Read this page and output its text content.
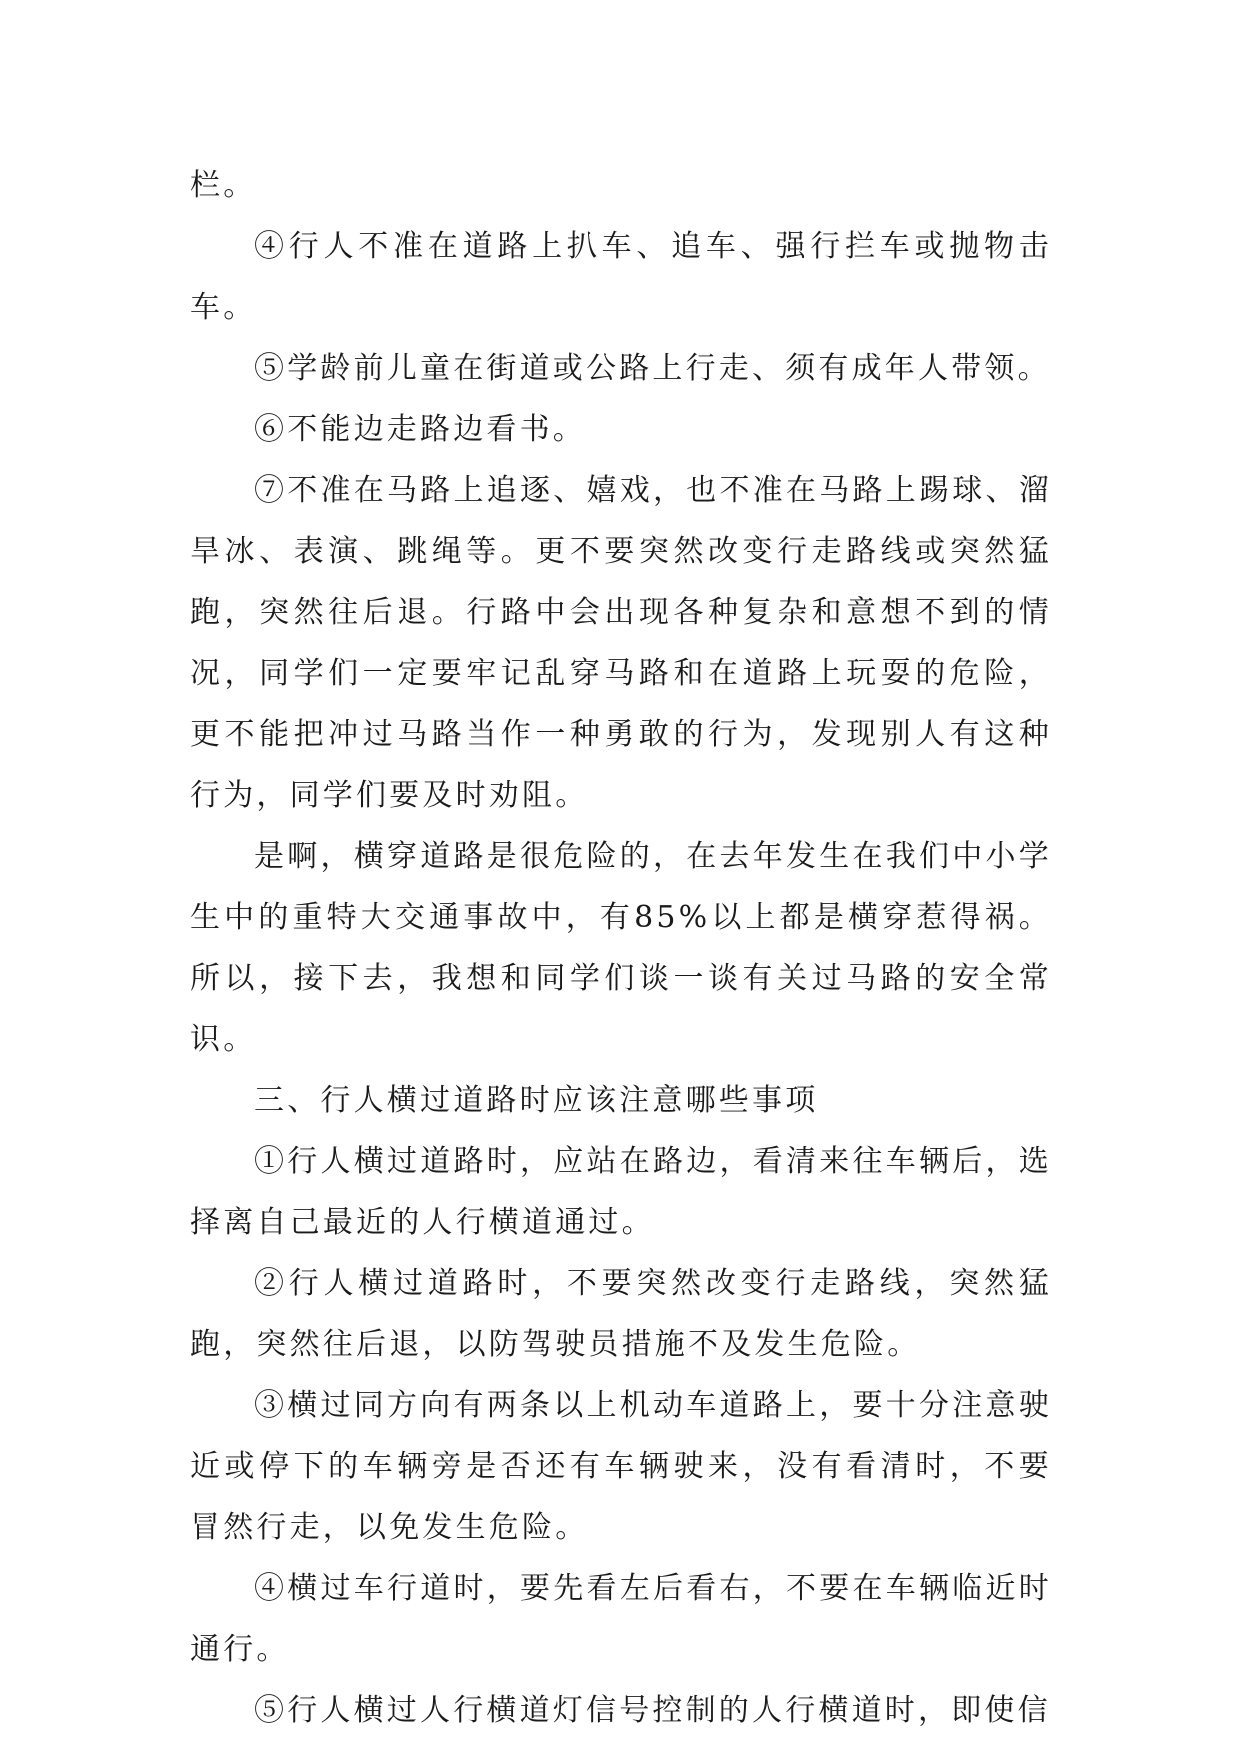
栏。

④行人不准在道路上扒车、追车、强行拦车或抛物击车。

⑤学龄前儿童在街道或公路上行走、须有成年人带领。

⑥不能边走路边看书。

⑦不准在马路上追逐、嬉戏，也不准在马路上踢球、溜旱冰、表演、跳绳等。更不要突然改变行走路线或突然猛跑，突然往后退。行路中会出现各种复杂和意想不到的情况，同学们一定要牢记乱穿马路和在道路上玩耍的危险，更不能把冲过马路当作一种勇敢的行为，发现别人有这种行为，同学们要及时劝阻。

是啊，横穿道路是很危险的，在去年发生在我们中小学生中的重特大交通事故中，有85%以上都是横穿惹得祸。所以，接下去，我想和同学们谈一谈有关过马路的安全常识。

三、行人横过道路时应该注意哪些事项

①行人横过道路时，应站在路边，看清来往车辆后，选择离自己最近的人行横道通过。

②行人横过道路时，不要突然改变行走路线，突然猛跑，突然往后退，以防驾驶员措施不及发生危险。

③横过同方向有两条以上机动车道路上，要十分注意驶近或停下的车辆旁是否还有车辆驶来，没有看清时，不要冒然行走，以免发生危险。

④横过车行道时，要先看左后看右，不要在车辆临近时通行。

⑤行人横过人行横道灯信号控制的人行横道时，即使信
